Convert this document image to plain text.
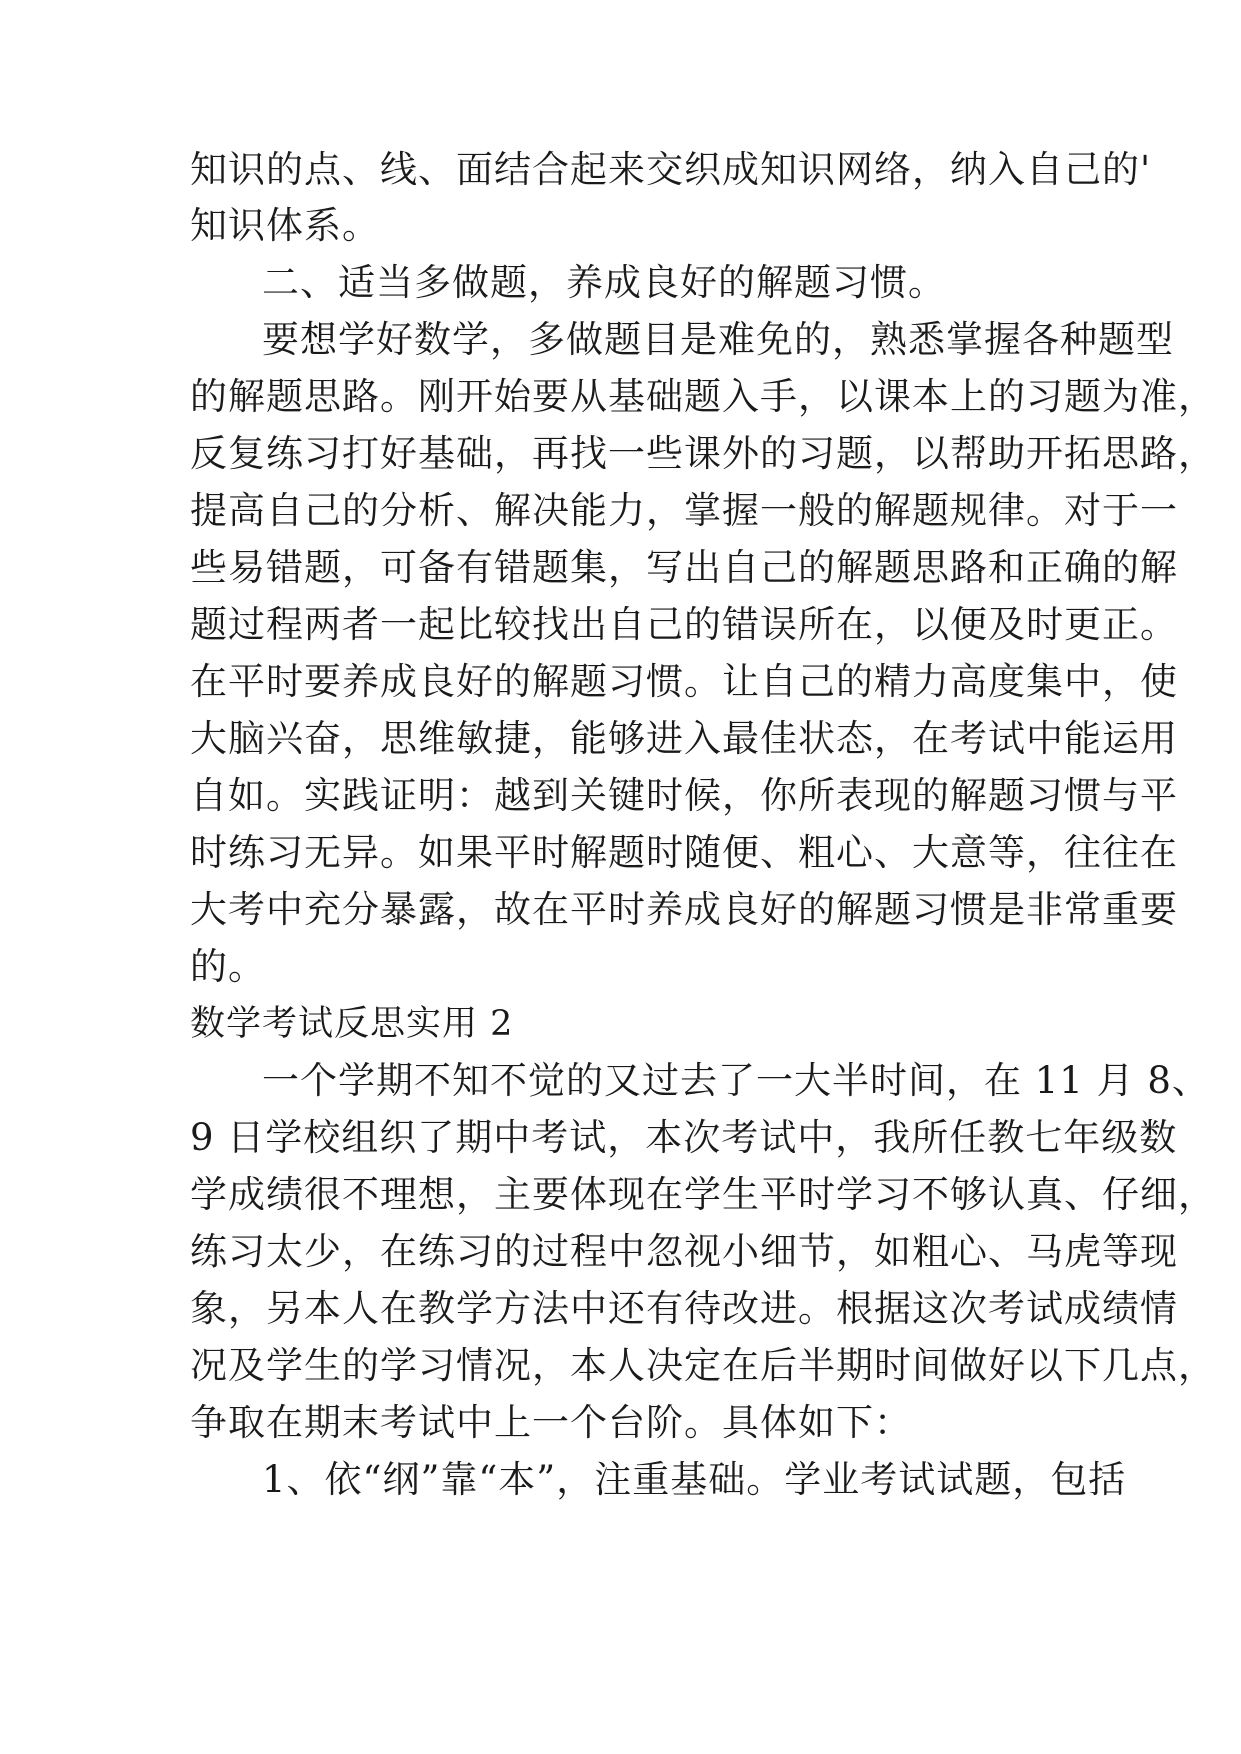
知识的点、线、面结合起来交织成知识网络，纳入自己的'
知识体系。
二、适当多做题，养成良好的解题习惯。
要想学好数学，多做题目是难免的，熟悉掌握各种题型
的解题思路。刚开始要从基础题入手，以课本上的习题为准，
反复练习打好基础，再找一些课外的习题，以帮助开拓思路，
提高自己的分析、解决能力，掌握一般的解题规律。对于一
些易错题，可备有错题集，写出自己的解题思路和正确的解
题过程两者一起比较找出自己的错误所在，以便及时更正。
在平时要养成良好的解题习惯。让自己的精力高度集中，使
大脑兴奋，思维敏捷，能够进入最佳状态，在考试中能运用
自如。实践证明：越到关键时候，你所表现的解题习惯与平
时练习无异。如果平时解题时随便、粗心、大意等，往往在
大考中充分暴露，故在平时养成良好的解题习惯是非常重要
的。
数学考试反思实用 2
一个学期不知不觉的又过去了一大半时间，在 11 月 8、
9 日学校组织了期中考试，本次考试中，我所任教七年级数
学成绩很不理想，主要体现在学生平时学习不够认真、仔细，
练习太少，在练习的过程中忽视小细节，如粗心、马虎等现
象，另本人在教学方法中还有待改进。根据这次考试成绩情
况及学生的学习情况，本人决定在后半期时间做好以下几点，
争取在期末考试中上一个台阶。具体如下：
1、依“纲”靠“本”，注重基础。学业考试试题，包括
